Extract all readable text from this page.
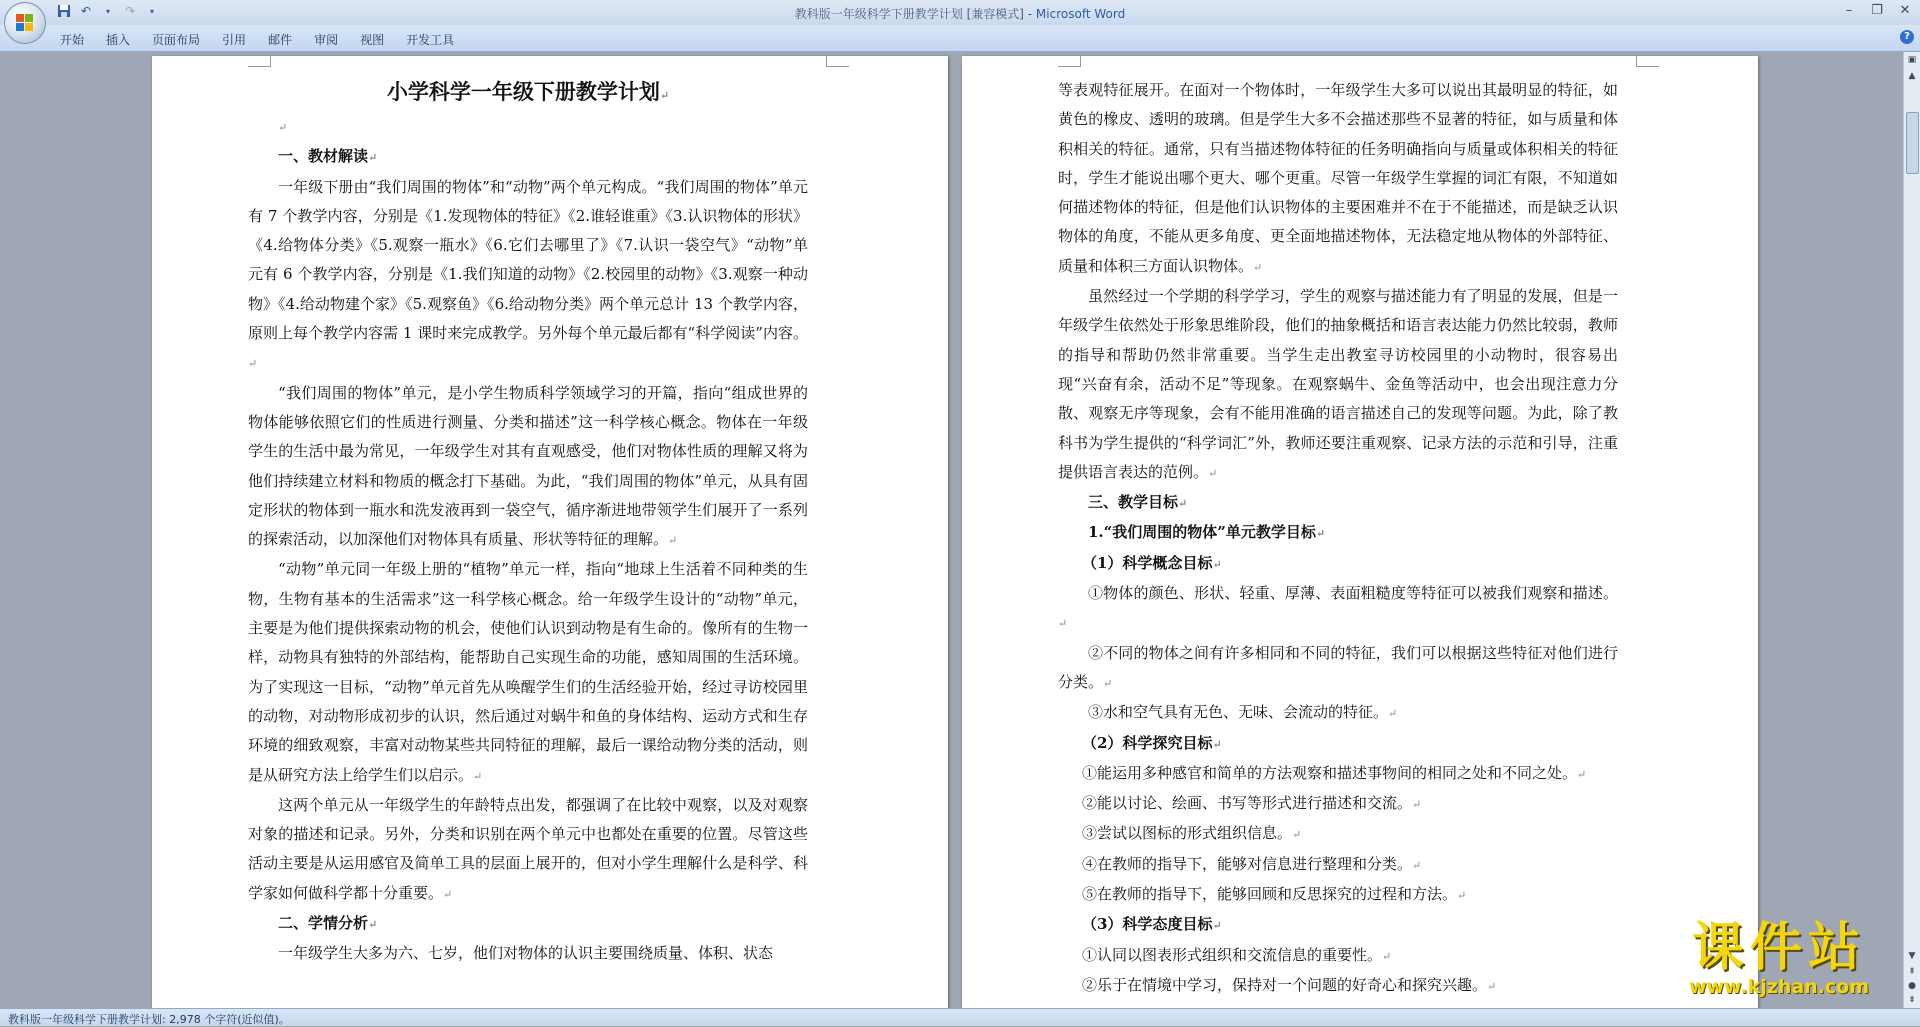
↶	▾	↷	▾	教科版一年级科学下册教学计划 [兼容模式] - Microsoft Word	–	❐ ✕
开始	插入	页面布局	引用	邮件	审阅	视图	开发工具	?

小学科学一年级下册教学计划↵

↵

一、教材解读↵

一年级下册由“我们周围的物体”和“动物”两个单元构成。“我们周围的物体”单元有 7 个教学内容，分别是《1.发现物体的特征》《2.谁轻谁重》《3.认识物体的形状》《4.给物体分类》《5.观察一瓶水》《6.它们去哪里了》《7.认识一袋空气》“动物”单元有 6 个教学内容，分别是《1.我们知道的动物》《2.校园里的动物》《3.观察一种动物》《4.给动物建个家》《5.观察鱼》《6.给动物分类》两个单元总计 13 个教学内容，原则上每个教学内容需 1 课时来完成教学。另外每个单元最后都有“科学阅读”内容。↵

“我们周围的物体”单元，是小学生物质科学领域学习的开篇，指向“组成世界的物体能够依照它们的性质进行测量、分类和描述”这一科学核心概念。物体在一年级学生的生活中最为常见，一年级学生对其有直观感受，他们对物体性质的理解又将为他们持续建立材料和物质的概念打下基础。为此，“我们周围的物体”单元，从具有固定形状的物体到一瓶水和洗发液再到一袋空气，循序渐进地带领学生们展开了一系列的探索活动，以加深他们对物体具有质量、形状等特征的理解。↵

“动物”单元同一年级上册的“植物”单元一样，指向“地球上生活着不同种类的生物，生物有基本的生活需求”这一科学核心概念。给一年级学生设计的“动物”单元，主要是为他们提供探索动物的机会，使他们认识到动物是有生命的。像所有的生物一样，动物具有独特的外部结构，能帮助自己实现生命的功能，感知周围的生活环境。为了实现这一目标，“动物”单元首先从唤醒学生们的生活经验开始，经过寻访校园里的动物，对动物形成初步的认识，然后通过对蜗牛和鱼的身体结构、运动方式和生存环境的细致观察，丰富对动物某些共同特征的理解，最后一课给动物分类的活动，则是从研究方法上给学生们以启示。↵

这两个单元从一年级学生的年龄特点出发，都强调了在比较中观察，以及对观察对象的描述和记录。另外，分类和识别在两个单元中也都处在重要的位置。尽管这些活动主要是从运用感官及简单工具的层面上展开的，但对小学生理解什么是科学、科学家如何做科学都十分重要。↵

二、学情分析↵

一年级学生大多为六、七岁，他们对物体的认识主要围绕质量、体积、状态

等表观特征展开。在面对一个物体时，一年级学生大多可以说出其最明显的特征，如黄色的橡皮、透明的玻璃。但是学生大多不会描述那些不显著的特征，如与质量和体积相关的特征。通常，只有当描述物体特征的任务明确指向与质量或体积相关的特征时，学生才能说出哪个更大、哪个更重。尽管一年级学生掌握的词汇有限，不知道如何描述物体的特征，但是他们认识物体的主要困难并不在于不能描述，而是缺乏认识物体的角度，不能从更多角度、更全面地描述物体，无法稳定地从物体的外部特征、质量和体积三方面认识物体。↵

虽然经过一个学期的科学学习，学生的观察与描述能力有了明显的发展，但是一年级学生依然处于形象思维阶段，他们的抽象概括和语言表达能力仍然比较弱，教师的指导和帮助仍然非常重要。当学生走出教室寻访校园里的小动物时，很容易出现“兴奋有余，活动不足”等现象。在观察蜗牛、金鱼等活动中，也会出现注意力分散、观察无序等现象，会有不能用准确的语言描述自己的发现等问题。为此，除了教科书为学生提供的“科学词汇”外，教师还要注重观察、记录方法的示范和引导，注重提供语言表达的范例。↵

三、教学目标↵

1.“我们周围的物体”单元教学目标↵

（1）科学概念目标↵

①物体的颜色、形状、轻重、厚薄、表面粗糙度等特征可以被我们观察和描述。↵

②不同的物体之间有许多相同和不同的特征，我们可以根据这些特征对他们进行分类。↵

③水和空气具有无色、无味、会流动的特征。↵

（2）科学探究目标↵

①能运用多种感官和简单的方法观察和描述事物间的相同之处和不同之处。↵

②能以讨论、绘画、书写等形式进行描述和交流。↵

③尝试以图标的形式组织信息。↵

④在教师的指导下，能够对信息进行整理和分类。↵

⑤在教师的指导下，能够回顾和反思探究的过程和方法。↵

（3）科学态度目标↵

①认同以图表形式组织和交流信息的重要性。↵

②乐于在情境中学习，保持对一个问题的好奇心和探究兴趣。↵

▣
▲
▼
⇞
●
⇟
教科版一年级科学下册教学计划: 2,978 个字符(近似值)。
课件站
www.kjzhan.com
